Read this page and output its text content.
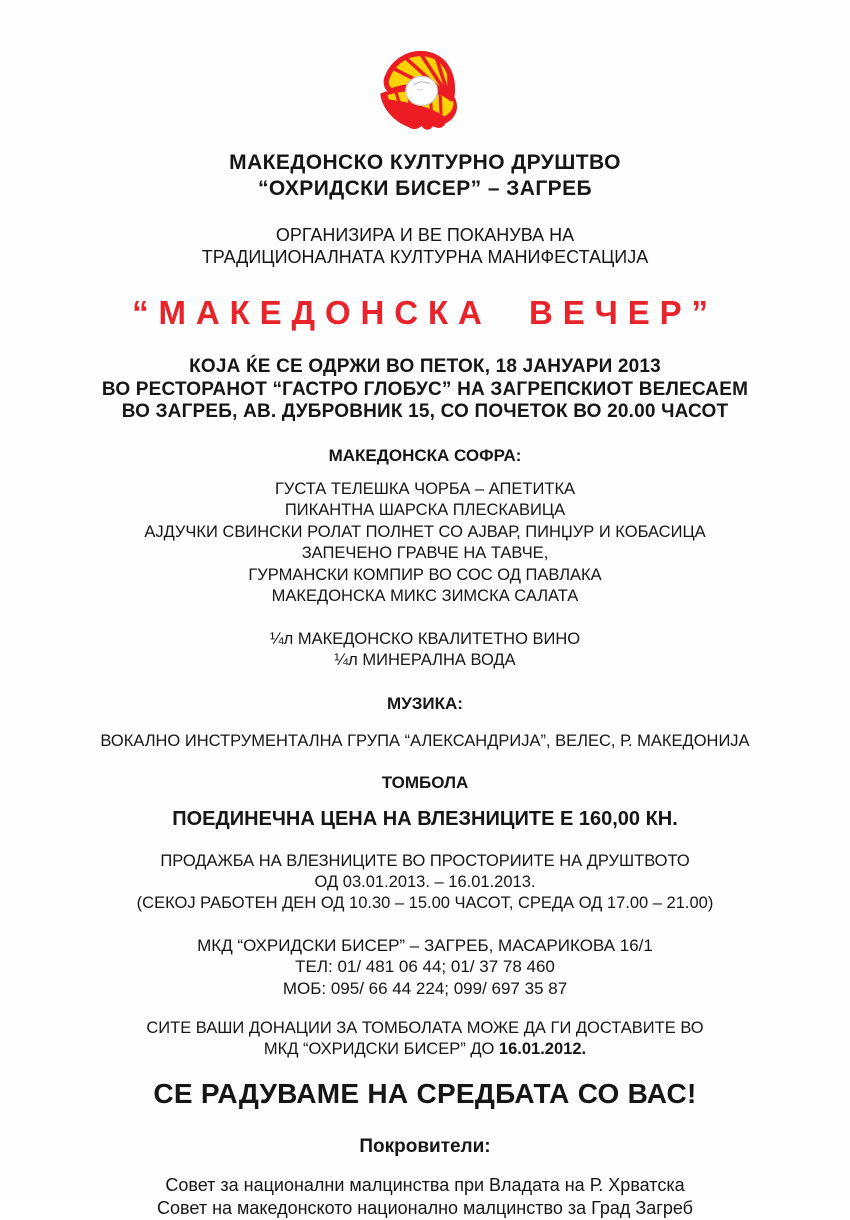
МАКЕДОНСКО КУЛТУРНО ДРУШТВО
“ОХРИДСКИ БИСЕР” – ЗАГРЕБ
ОРГАНИЗИРА И ВЕ ПОКАНУВА НА
ТРАДИЦИОНАЛНАТА КУЛТУРНА МАНИФЕСТАЦИЈА
“МАКЕДОНСКА ВЕЧЕР”
КОЈА ЌЕ СЕ ОДРЖИ ВО ПЕТОК, 18 ЈАНУАРИ 2013
ВО РЕСТОРАНОТ “ГАСТРО ГЛОБУС” НА ЗАГРЕПСКИОТ ВЕЛЕСАЕМ
ВО ЗАГРЕБ, АВ. ДУБРОВНИК 15, СО ПОЧЕТОК ВО 20.00 ЧАСОТ
МАКЕДОНСКА СОФРА:
ГУСТА ТЕЛЕШКА ЧОРБА – АПЕТИТКА
ПИКАНТНА ШАРСКА ПЛЕСКАВИЦА
АЈДУЧКИ СВИНСКИ РОЛАТ ПОЛНЕТ СО АЈВАР, ПИНЏУР И КОБАСИЦА
ЗАПЕЧЕНО ГРАВЧЕ НА ТАВЧЕ,
ГУРМАНСКИ КОМПИР ВО СОС ОД ПАВЛАКА
МАКЕДОНСКА МИКС ЗИМСКА САЛАТА
¼л МАКЕДОНСКО КВАЛИТЕТНО ВИНО
¼л МИНЕРАЛНА ВОДА
МУЗИКА:
ВОКАЛНО ИНСТРУМЕНТАЛНА ГРУПА “АЛЕКСАНДРИЈА”, ВЕЛЕС, Р. МАКЕДОНИЈА
ТОМБОЛА
ПОЕДИНЕЧНА ЦЕНА НА ВЛЕЗНИЦИТЕ Е 160,00 КН.
ПРОДАЖБА НА ВЛЕЗНИЦИТЕ ВО ПРОСТОРИИТЕ НА ДРУШТВОТО
ОД 03.01.2013. – 16.01.2013.
(СЕКОЈ РАБОТЕН ДЕН ОД 10.30 – 15.00 ЧАСОТ, СРЕДА ОД 17.00 – 21.00)
МКД “ОХРИДСКИ БИСЕР” – ЗАГРЕБ, МАСАРИКОВА 16/1
ТЕЛ: 01/ 481 06 44; 01/ 37 78 460
МОБ: 095/ 66 44 224; 099/ 697 35 87
СИТЕ ВАШИ ДОНАЦИИ ЗА ТОМБОЛАТА МОЖЕ ДА ГИ ДОСТАВИТЕ ВО
МКД “ОХРИДСКИ БИСЕР” ДО 16.01.2012.
СЕ РАДУВАМЕ НА СРЕДБАТА СО ВАС!
Покровители:
Совет за национални малцинства при Владата на Р. Хрватска
Совет на македонското национално малцинство за Град Загреб
